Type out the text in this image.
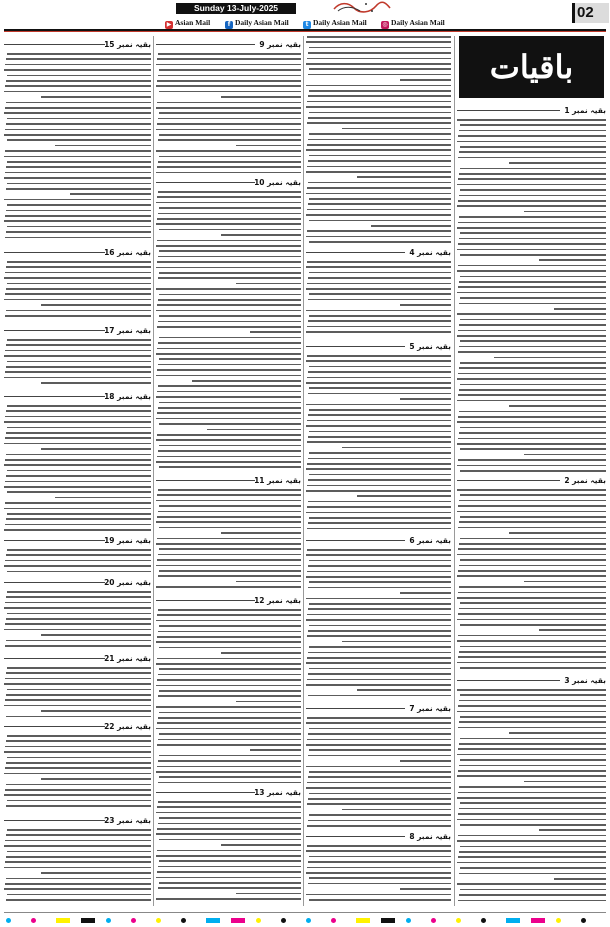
Sunday 13-July-2025	02
▶ Asian Mail	f Daily Asian Mail	t Daily Asian Mail	◎ Daily Asian Mail
باقیات
بقیہ نمبر 1
بقیہ نمبر 2
بقیہ نمبر 3
بقیہ نمبر 4
بقیہ نمبر 5
بقیہ نمبر 6
بقیہ نمبر 7
بقیہ نمبر 8
بقیہ نمبر 9
بقیہ نمبر 10
بقیہ نمبر 11
بقیہ نمبر 12
بقیہ نمبر 13
بقیہ نمبر 15
بقیہ نمبر 16
بقیہ نمبر 17
بقیہ نمبر 18
بقیہ نمبر 19
بقیہ نمبر 20
بقیہ نمبر 21
بقیہ نمبر 22
بقیہ نمبر 23
